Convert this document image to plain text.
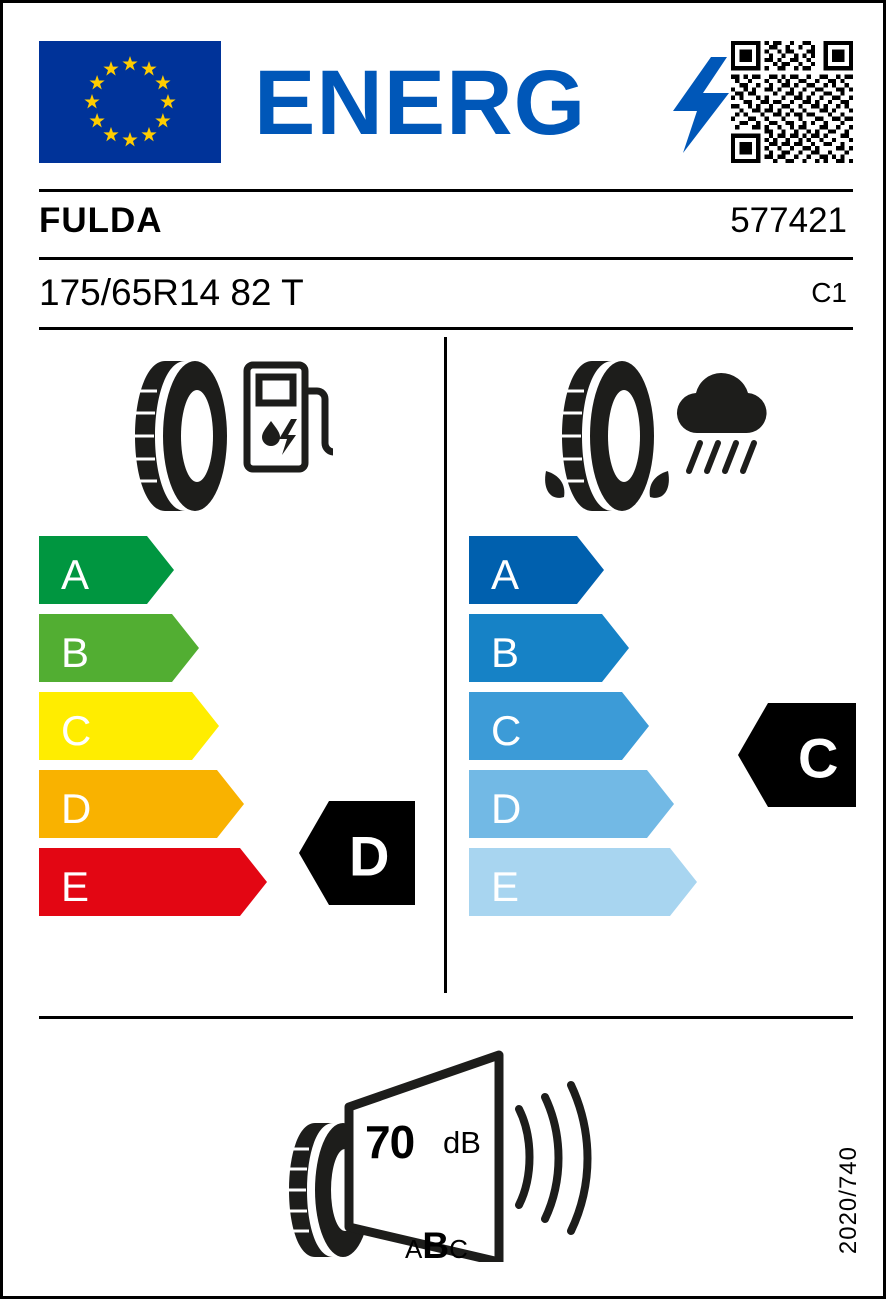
ENERG
FULDA	577421
175/65R14 82 T	C1
A
B
C
D
E	D
A
B
C
D
E
C
70 dB
ABC	2020/740
